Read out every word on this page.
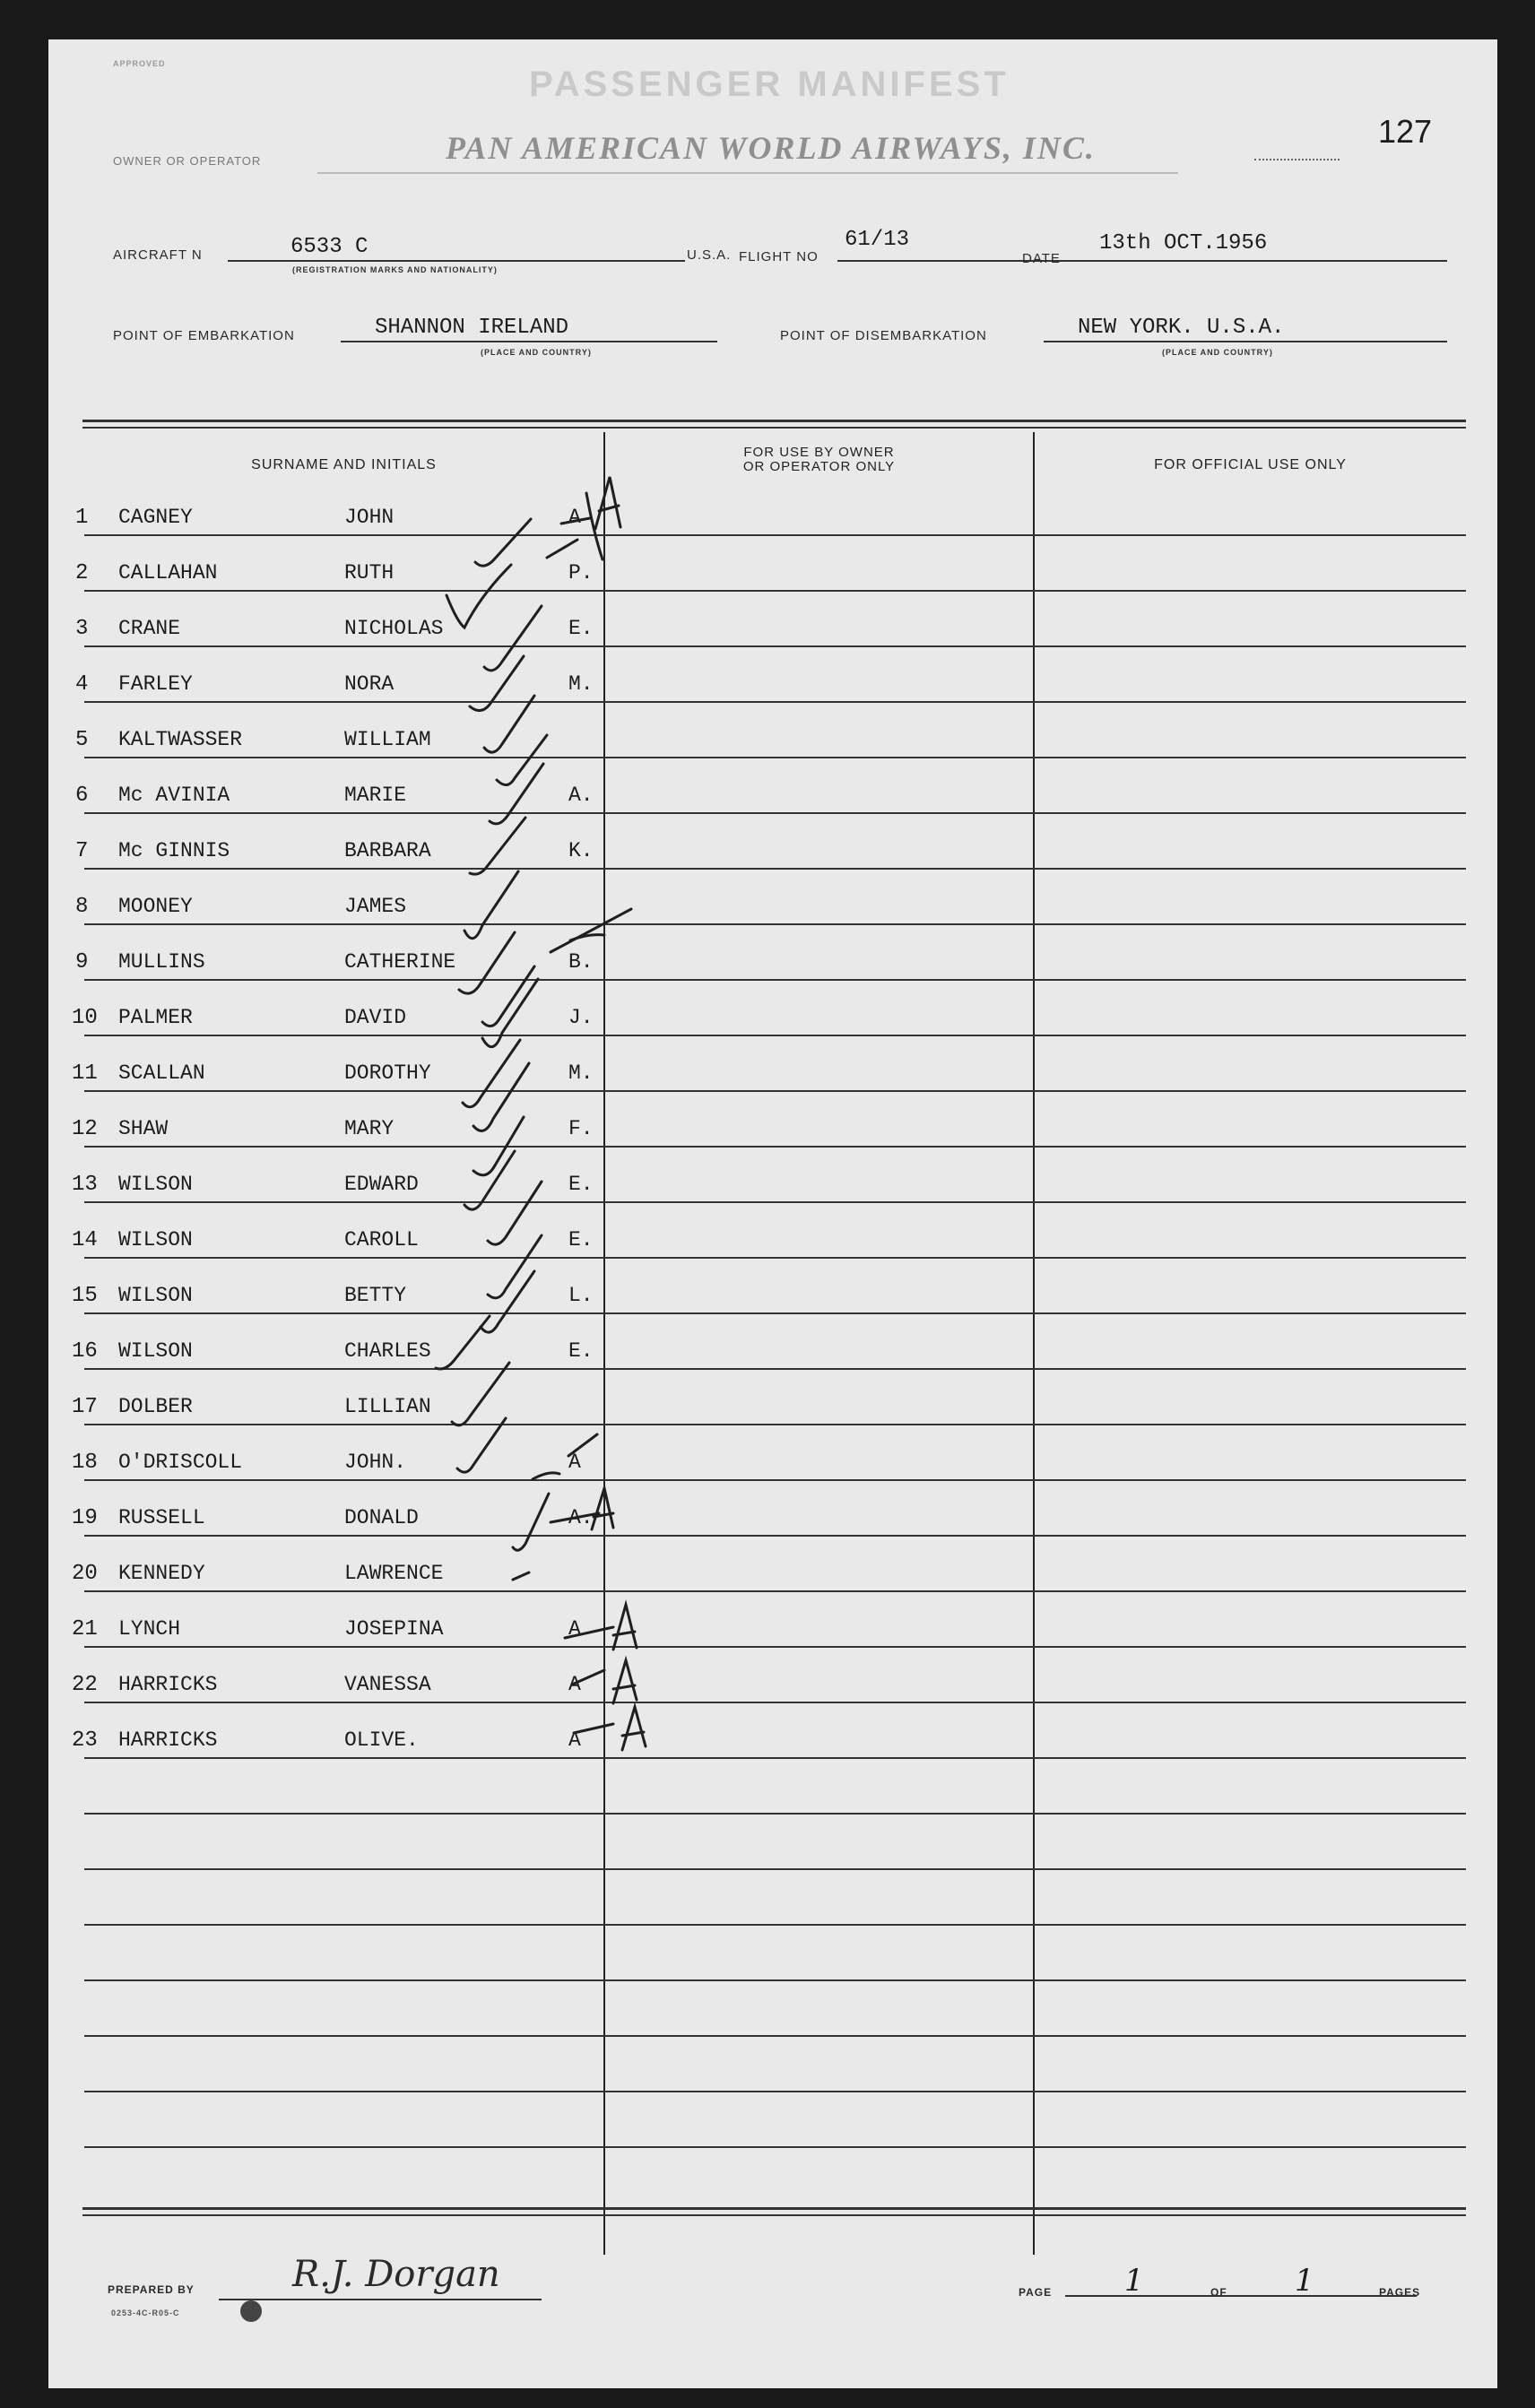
APPROVED
PASSENGER MANIFEST
127
OWNER OR OPERATOR	PAN AMERICAN WORLD AIRWAYS, INC.
AIRCRAFT N	6533 C
(REGISTRATION MARKS AND NATIONALITY)
U.S.A. FLIGHT NO
61/13
DATE
13th OCT.1956
POINT OF EMBARKATION	SHANNON IRELAND
(PLACE AND COUNTRY)
POINT OF DISEMBARKATION	NEW YORK. U.S.A.
(PLACE AND COUNTRY)
SURNAME AND INITIALS
FOR USE BY OWNER
OR OPERATOR ONLY	FOR OFFICIAL USE ONLY
1 CAGNEY	JOHN	A
2 CALLAHAN	RUTH	P.
3 CRANE	NICHOLAS	E.
4 FARLEY	NORA	M.
5 KALTWASSER	WILLIAM
6 Mc AVINIA	MARIE	A.
7 Mc GINNIS	BARBARA	K.
8 MOONEY	JAMES
9 MULLINS	CATHERINE	B.
10 PALMER	DAVID	J.
11 SCALLAN	DOROTHY	M.
12 SHAW	MARY	F.
13 WILSON	EDWARD	E.
14 WILSON	CAROLL	E.
15 WILSON	BETTY	L.
16 WILSON	CHARLES	E.
17 DOLBER	LILLIAN
18 O'DRISCOLL	JOHN.	A
19 RUSSELL	DONALD	A.
20 KENNEDY	LAWRENCE
21 LYNCH	JOSEPINA	A
22 HARRICKS	VANESSA	A
23 HARRICKS	OLIVE.	A
PREPARED BY	R.J. Dorgan
0253-4C-R05-C
PAGE 1	OF 1	PAGES
